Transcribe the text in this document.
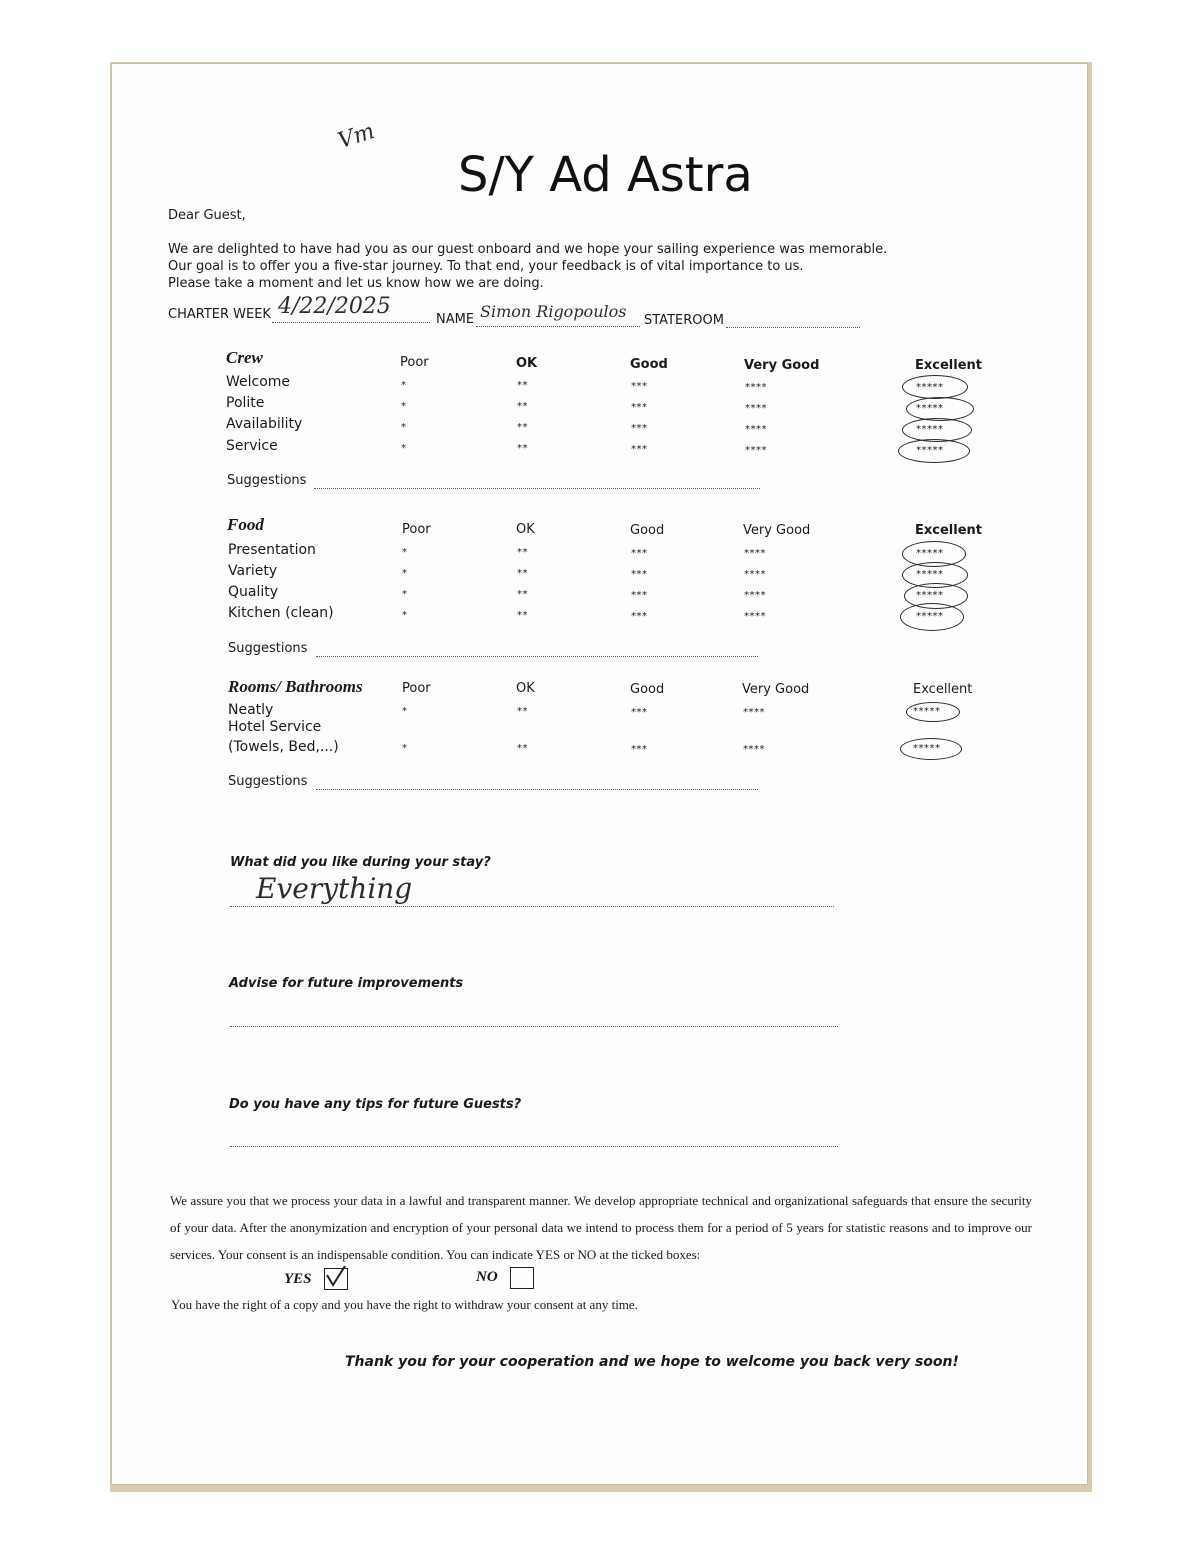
Vm
S/Y Ad Astra
Dear Guest,
We are delighted to have had you as our guest onboard and we hope your sailing experience was memorable.
Our goal is to offer you a five-star journey. To that end, your feedback is of vital importance to us.
Please take a moment and let us know how we are doing.
CHARTER WEEK 4/22/2025
NAME Simon Rigopoulos STATEROOM
Crew	Poor	OK	Good	Very Good	Excellent
Welcome	*	**	***	****	*****
Polite	*	**	***	****	*****
Availability	*	**	***	****	*****
Service	*	**	***	****	*****
Suggestions
Food	Poor	OK	Good	Very Good	Excellent
Presentation	*	**	***	****	*****
Variety	*	**	***	****	*****
Quality	*	**	***	****	*****
Kitchen (clean)	*	**	***	****	*****
Suggestions
Rooms/ Bathrooms	Poor	OK	Good	Very Good	Excellent
Neatly	*	**	***	****	*****
Hotel Service
(Towels, Bed,...)	*	**	***	****	*****
Suggestions
What did you like during your stay?
Everything
Advise for future improvements
Do you have any tips for future Guests?
We assure you that we process your data in a lawful and transparent manner. We develop appropriate technical and organizational safeguards that ensure the security of your data. After the anonymization and encryption of your personal data we intend to process them for a period of 5 years for statistic reasons and to improve our services. Your consent is an indispensable condition. You can indicate YES or NO at the ticked boxes:
YES	NO
You have the right of a copy and you have the right to withdraw your consent at any time.
Thank you for your cooperation and we hope to welcome you back very soon!
